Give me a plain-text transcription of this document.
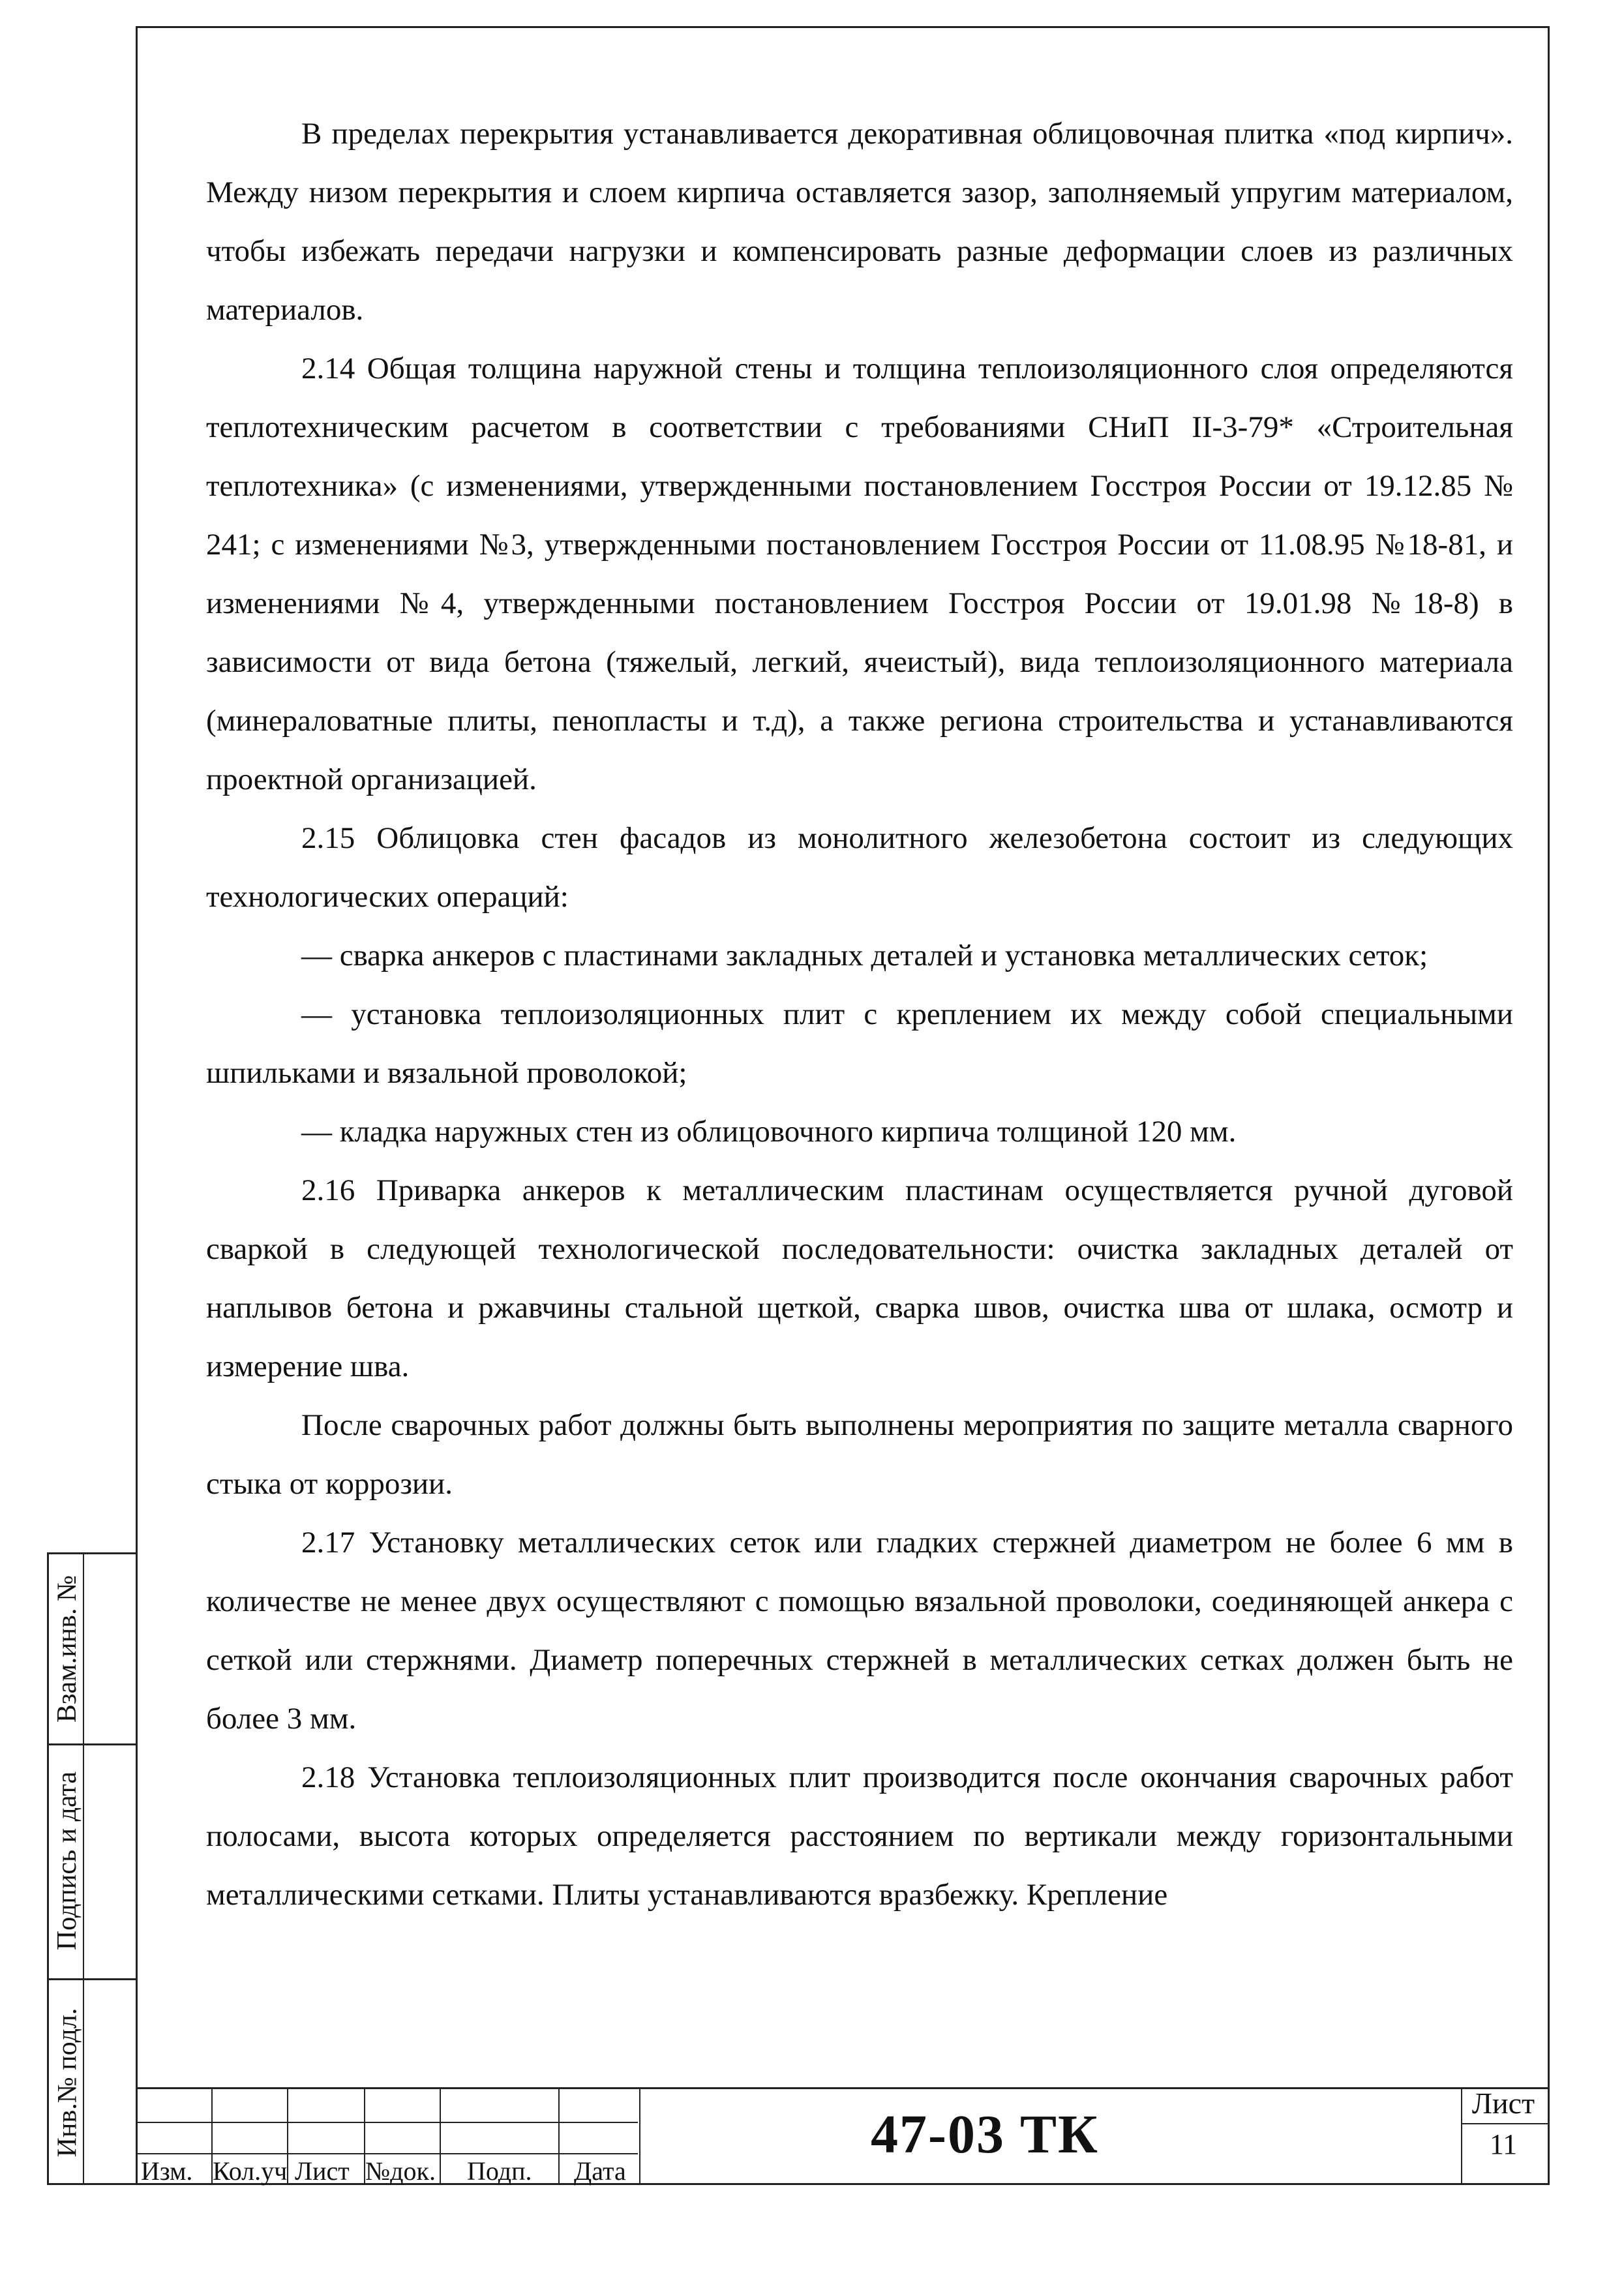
Взам.инв. №
Подпись и дата
Инв.№ подл.

В пределах перекрытия устанавливается декоративная облицовочная плитка «под кирпич». Между низом перекрытия и слоем кирпича оставляется зазор, заполняемый упругим материалом, чтобы избежать передачи нагрузки и компенсировать разные деформации слоев из различных материалов.

2.14 Общая толщина наружной стены и толщина теплоизоляционного слоя определяются теплотехническим расчетом в соответствии с требованиями СНиП II-3-79* «Строительная теплотехника» (с изменениями, утвержденными постановлением Госстроя России от 19.12.85 № 241; с изменениями №3, утвержденными постановлением Госстроя России от 11.08.95 №18-81, и изменениями №4, утвержденными постановлением Госстроя России от 19.01.98 №18-8) в зависимости от вида бетона (тяжелый, легкий, ячеистый), вида теплоизоляционного материала (минераловатные плиты, пенопласты и т.д), а также региона строительства и устанавливаются проектной организацией.

2.15 Облицовка стен фасадов из монолитного железобетона состоит из следующих технологических операций:

— сварка анкеров с пластинами закладных деталей и установка металлических сеток;

— установка теплоизоляционных плит с креплением их между собой специальными шпильками и вязальной проволокой;

— кладка наружных стен из облицовочного кирпича толщиной 120 мм.

2.16 Приварка анкеров к металлическим пластинам осуществляется ручной дуговой сваркой в следующей технологической последовательности: очистка закладных деталей от наплывов бетона и ржавчины стальной щеткой, сварка швов, очистка шва от шлака, осмотр и измерение шва.

После сварочных работ должны быть выполнены мероприятия по защите металла сварного стыка от коррозии.

2.17 Установку металлических сеток или гладких стержней диаметром не более 6 мм в количестве не менее двух осуществляют с помощью вязальной проволоки, соединяющей анкера с сеткой или стержнями. Диаметр поперечных стержней в металлических сетках должен быть не более 3 мм.

2.18 Установка теплоизоляционных плит производится после окончания сварочных работ полосами, высота которых определяется расстоянием по вертикали между горизонтальными металлическими сетками. Плиты устанавливаются вразбежку. Крепление

Изм. Кол.уч Лист №док. Подп. Дата
47-03 ТК
Лист
11
